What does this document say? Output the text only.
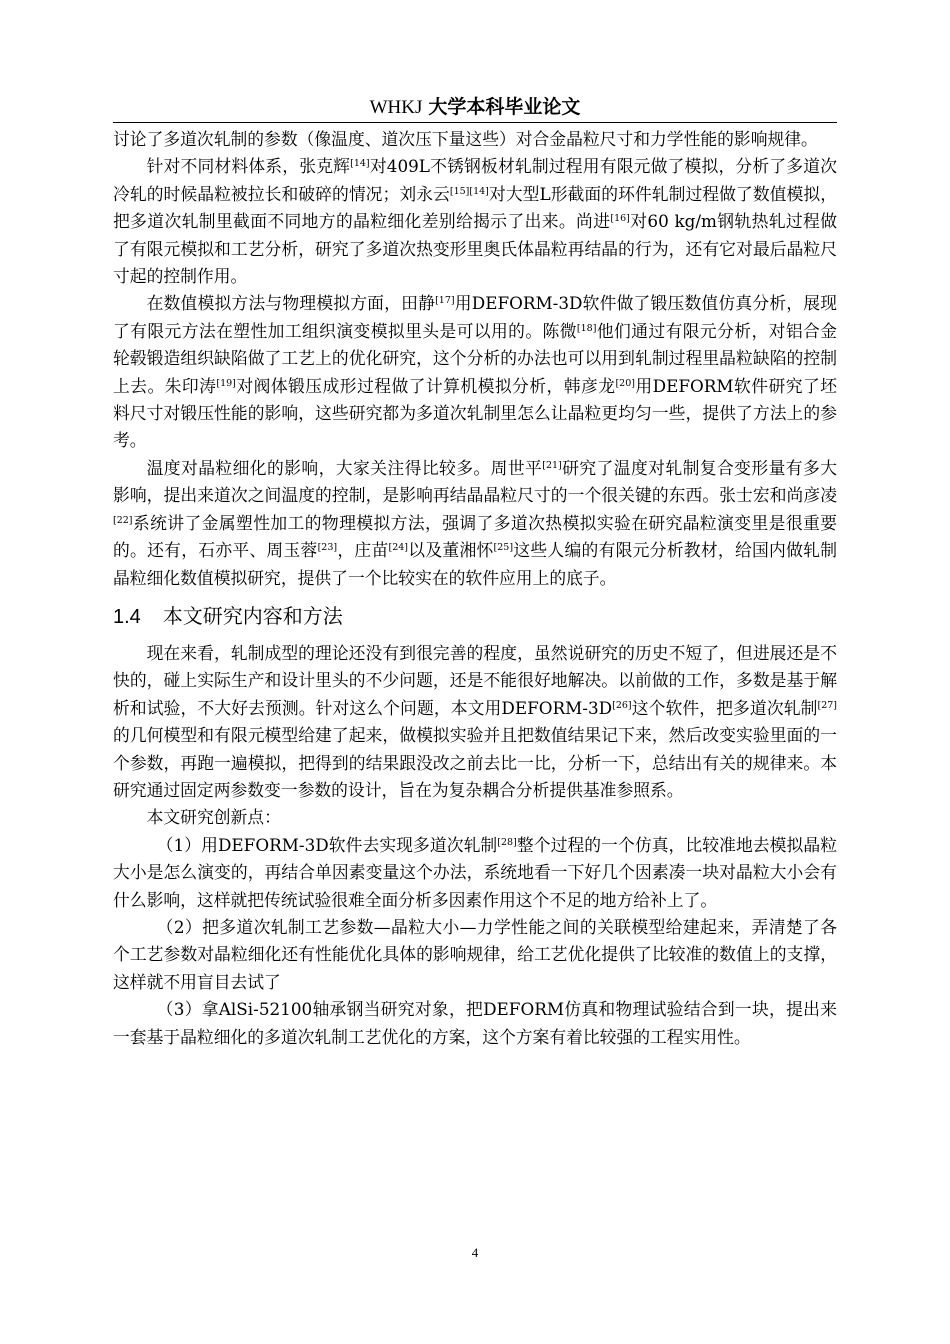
WHKJ 大学本科毕业论文

讨论了多道次轧制的参数（像温度、道次压下量这些）对合金晶粒尺寸和力学性能的影响规律。

针对不同材料体系，张克辉[14]对409L不锈钢板材轧制过程用有限元做了模拟，分析了多道次冷轧的时候晶粒被拉长和破碎的情况；刘永云[15][14]对大型L形截面的环件轧制过程做了数值模拟，把多道次轧制里截面不同地方的晶粒细化差别给揭示了出来。尚进[16]对60 kg/m钢轨热轧过程做了有限元模拟和工艺分析，研究了多道次热变形里奥氏体晶粒再结晶的行为，还有它对最后晶粒尺寸起的控制作用。

在数值模拟方法与物理模拟方面，田静[17]用DEFORM-3D软件做了锻压数值仿真分析，展现了有限元方法在塑性加工组织演变模拟里头是可以用的。陈微[18]他们通过有限元分析，对铝合金轮毂锻造组织缺陷做了工艺上的优化研究，这个分析的办法也可以用到轧制过程里晶粒缺陷的控制上去。朱印涛[19]对阀体锻压成形过程做了计算机模拟分析，韩彦龙[20]用DEFORM软件研究了坯料尺寸对锻压性能的影响，这些研究都为多道次轧制里怎么让晶粒更均匀一些，提供了方法上的参考。

温度对晶粒细化的影响，大家关注得比较多。周世平[21]研究了温度对轧制复合变形量有多大影响，提出来道次之间温度的控制，是影响再结晶晶粒尺寸的一个很关键的东西。张士宏和尚彦凌[22]系统讲了金属塑性加工的物理模拟方法，强调了多道次热模拟实验在研究晶粒演变里是很重要的。还有，石亦平、周玉蓉[23]，庄苗[24]以及董湘怀[25]这些人编的有限元分析教材，给国内做轧制晶粒细化数值模拟研究，提供了一个比较实在的软件应用上的底子。

1.4 本文研究内容和方法

现在来看，轧制成型的理论还没有到很完善的程度，虽然说研究的历史不短了，但进展还是不快的，碰上实际生产和设计里头的不少问题，还是不能很好地解决。以前做的工作，多数是基于解析和试验，不大好去预测。针对这么个问题，本文用DEFORM-3D[26]这个软件，把多道次轧制[27]的几何模型和有限元模型给建了起来，做模拟实验并且把数值结果记下来，然后改变实验里面的一个参数，再跑一遍模拟，把得到的结果跟没改之前去比一比，分析一下，总结出有关的规律来。本研究通过固定两参数变一参数的设计，旨在为复杂耦合分析提供基准参照系。

本文研究创新点：

（1）用DEFORM-3D软件去实现多道次轧制[28]整个过程的一个仿真，比较准地去模拟晶粒大小是怎么演变的，再结合单因素变量这个办法，系统地看一下好几个因素凑一块对晶粒大小会有什么影响，这样就把传统试验很难全面分析多因素作用这个不足的地方给补上了。

（2）把多道次轧制工艺参数—晶粒大小—力学性能之间的关联模型给建起来，弄清楚了各个工艺参数对晶粒细化还有性能优化具体的影响规律，给工艺优化提供了比较准的数值上的支撑，这样就不用盲目去试了

（3）拿AlSi-52100轴承钢当研究对象，把DEFORM仿真和物理试验结合到一块，提出来一套基于晶粒细化的多道次轧制工艺优化的方案，这个方案有着比较强的工程实用性。

4
